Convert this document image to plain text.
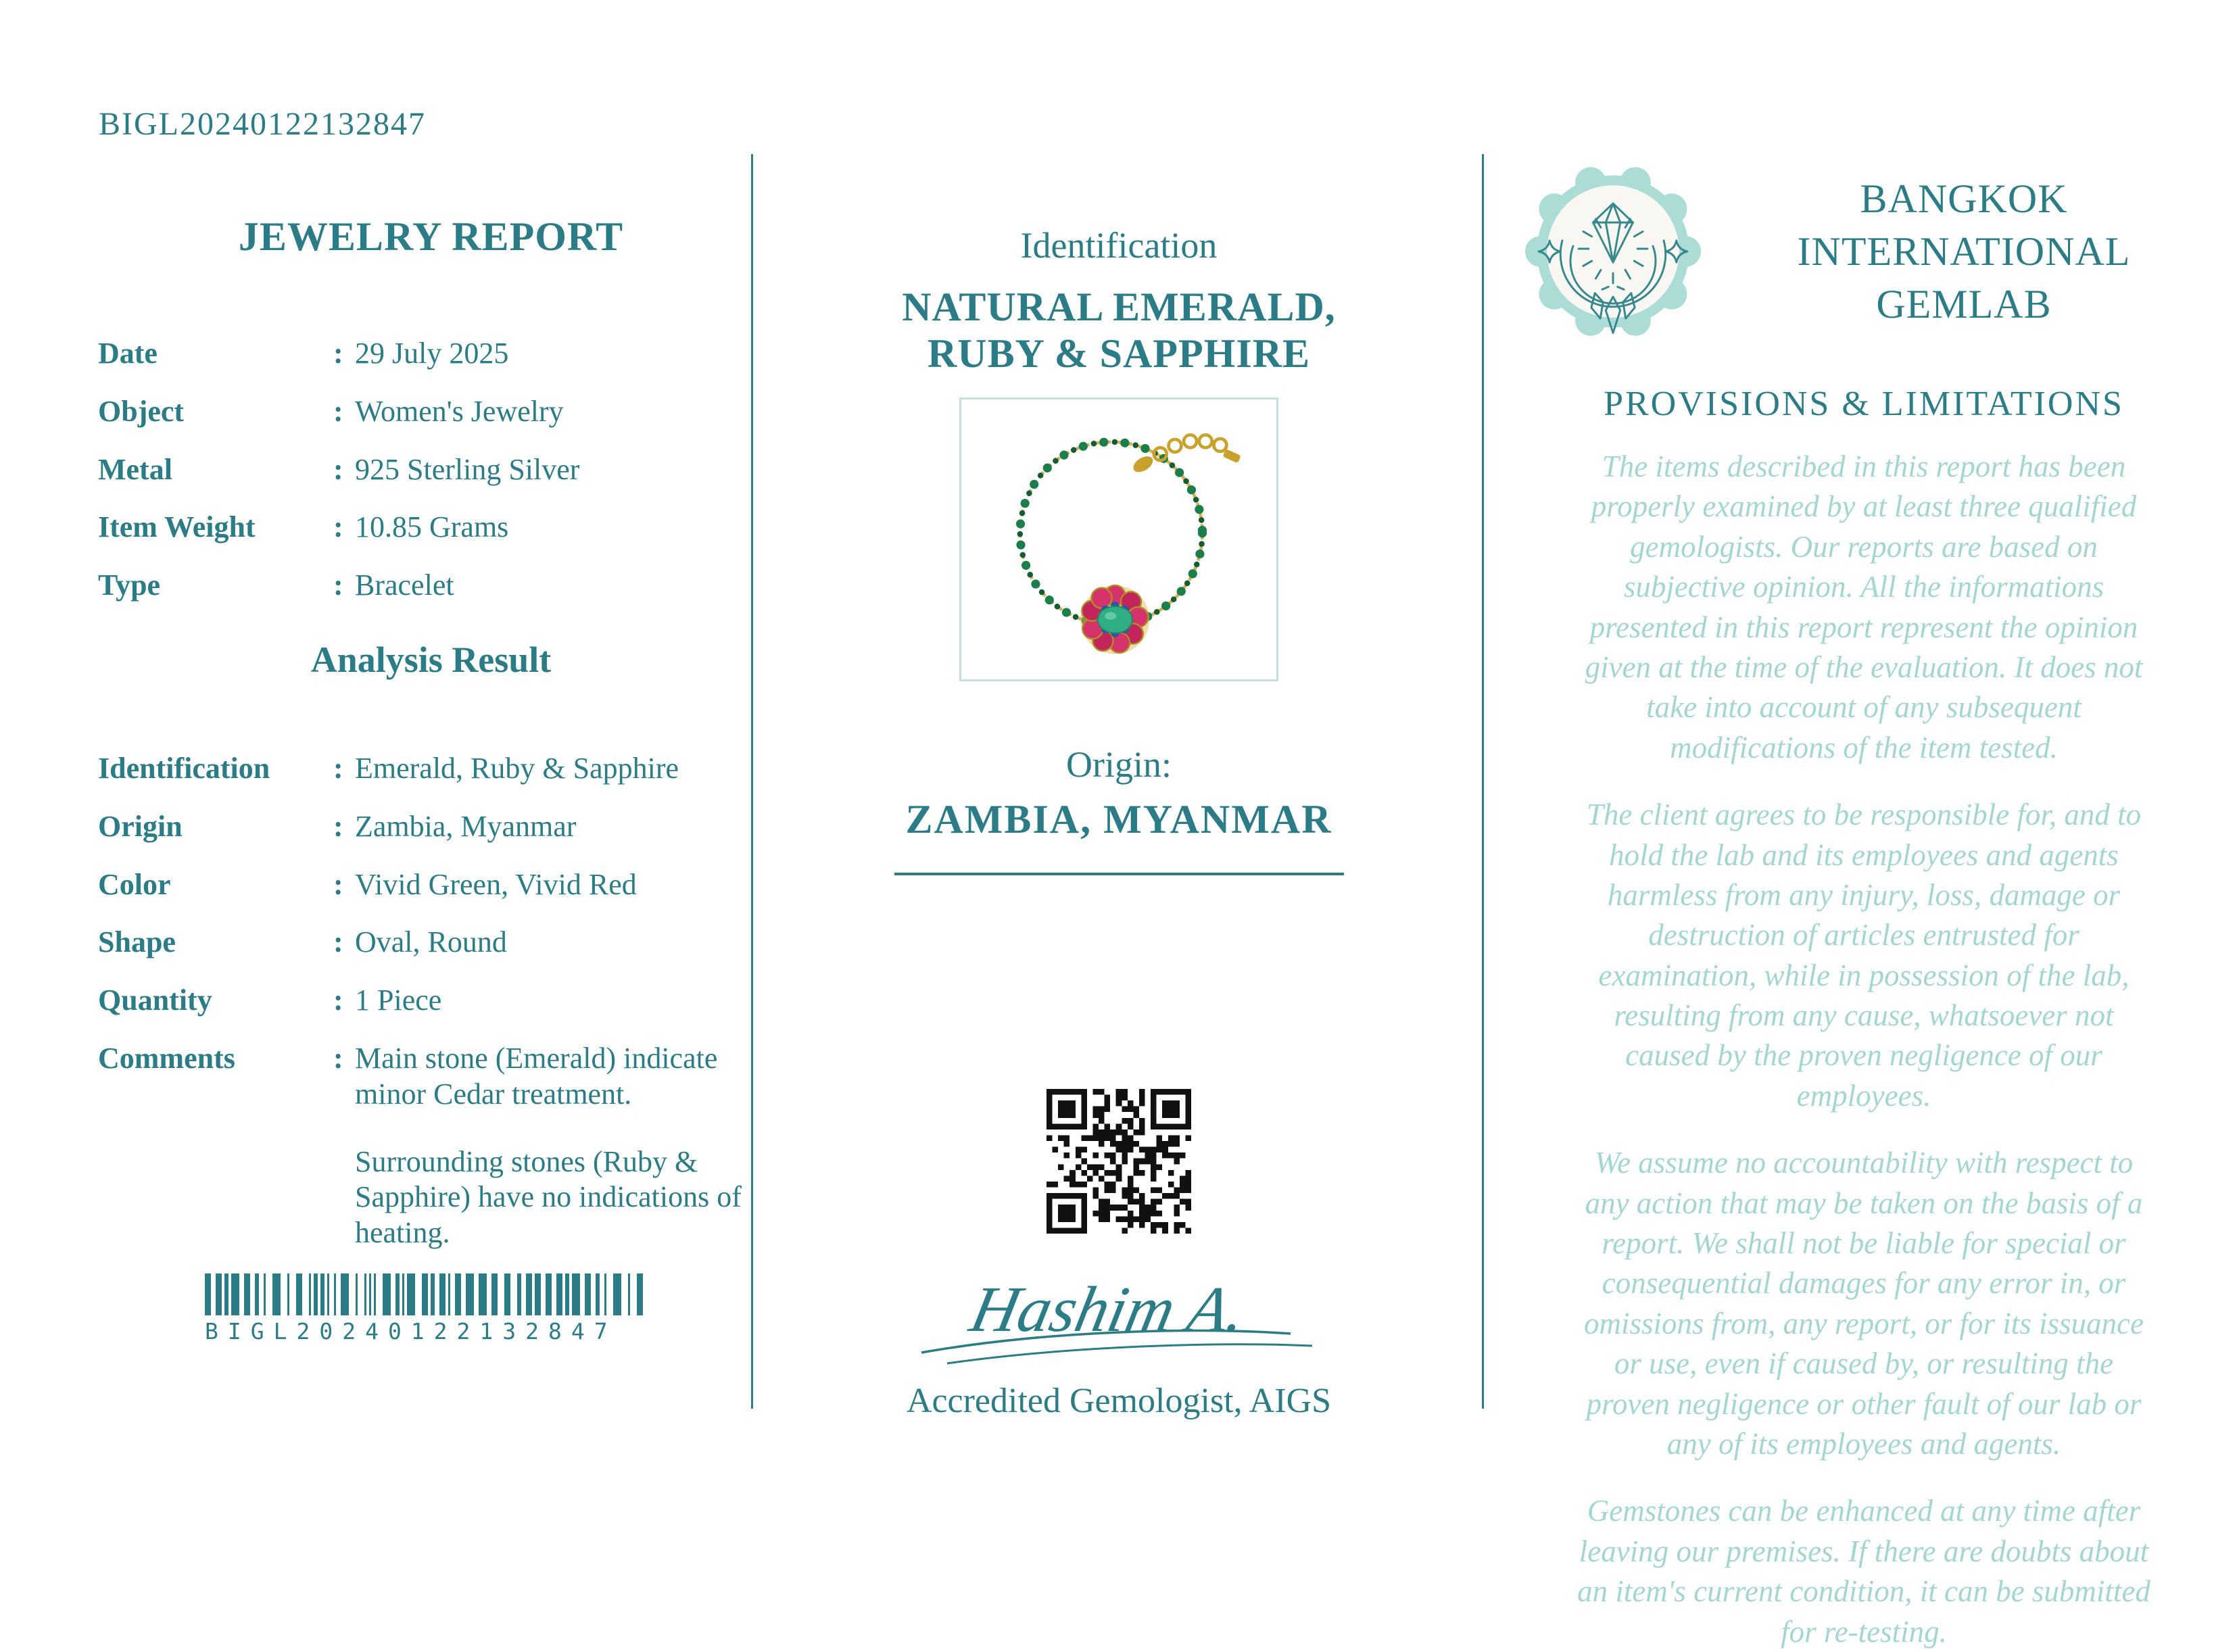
BIGL20240122132847
JEWELRY REPORT
Date	: 29 July 2025
Object	: Women's Jewelry
Metal	: 925 Sterling Silver
Item Weight	: 10.85 Grams
Type	: Bracelet
Analysis Result
Identification	: Emerald, Ruby & Sapphire
Origin	: Zambia, Myanmar
Color	: Vivid Green, Vivid Red
Shape	: Oval, Round
Quantity	: 1 Piece
Comments	: Main stone (Emerald) indicate minor Cedar treatment.
Surrounding stones (Ruby & Sapphire) have no indications of heating.
BIGL20240122132847
Identification
NATURAL EMERALD, RUBY & SAPPHIRE
Origin:
ZAMBIA, MYANMAR
Hashim A.
Accredited Gemologist, AIGS
BANGKOK INTERNATIONAL GEMLAB
PROVISIONS & LIMITATIONS

The items described in this report has been properly examined by at least three qualified gemologists. Our reports are based on subjective opinion. All the informations presented in this report represent the opinion given at the time of the evaluation. It does not take into account of any subsequent modifications of the item tested.

The client agrees to be responsible for, and to hold the lab and its employees and agents harmless from any injury, loss, damage or destruction of articles entrusted for examination, while in possession of the lab, resulting from any cause, whatsoever not caused by the proven negligence of our employees.

We assume no accountability with respect to any action that may be taken on the basis of a report. We shall not be liable for special or consequential damages for any error in, or omissions from, any report, or for its issuance or use, even if caused by, or resulting the proven negligence or other fault of our lab or any of its employees and agents.

Gemstones can be enhanced at any time after leaving our premises. If there are doubts about an item's current condition, it can be submitted for re-testing.
